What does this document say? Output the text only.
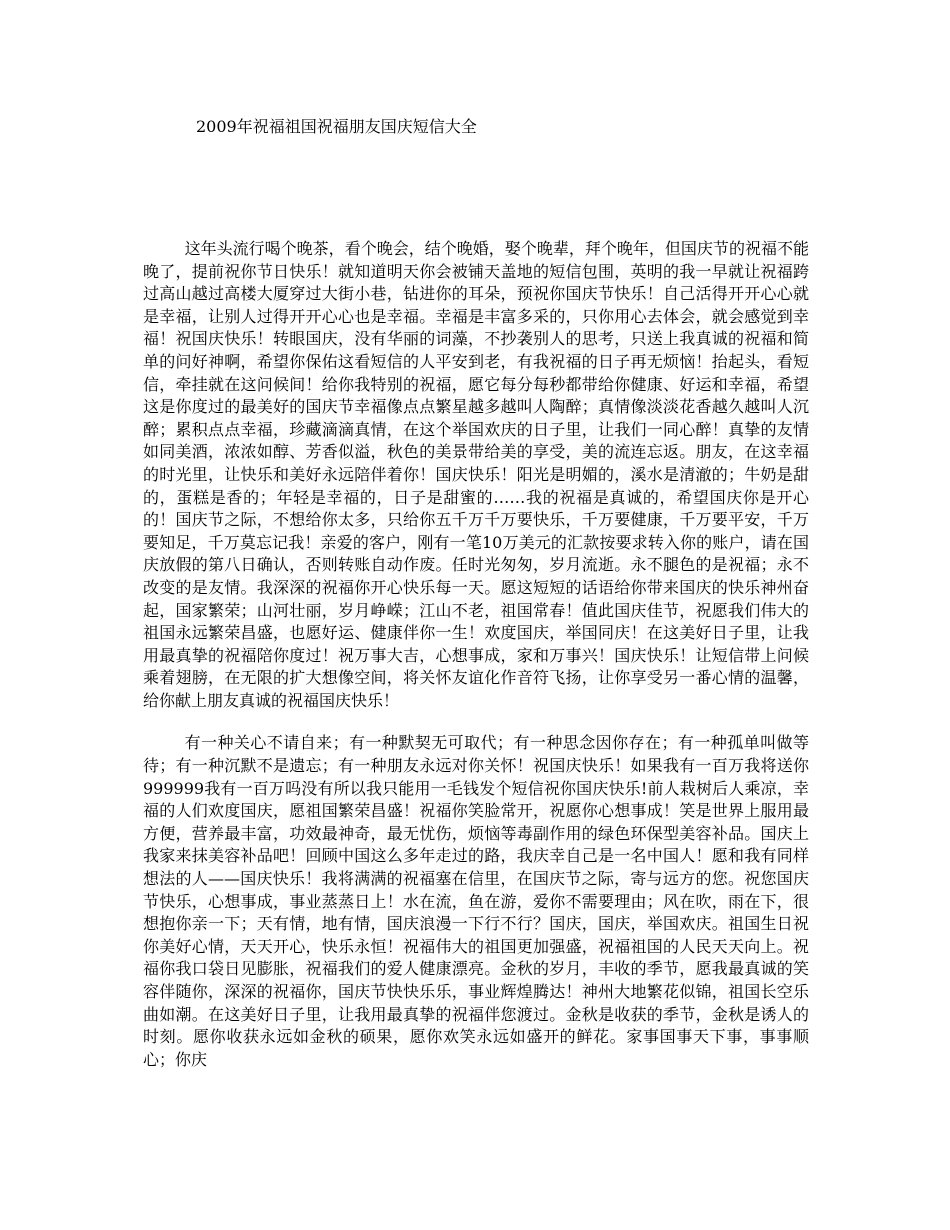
2009年祝福祖国祝福朋友国庆短信大全

这年头流行喝个晚茶，看个晚会，结个晚婚，娶个晚辈，拜个晚年，但国庆节的祝福不能晚了，提前祝你节日快乐！就知道明天你会被铺天盖地的短信包围，英明的我一早就让祝福跨过高山越过高楼大厦穿过大街小巷，钻进你的耳朵，预祝你国庆节快乐！自己活得开开心心就是幸福，让别人过得开开心心也是幸福。幸福是丰富多采的，只你用心去体会，就会感觉到幸福！祝国庆快乐！转眼国庆，没有华丽的词藻，不抄袭别人的思考，只送上我真诚的祝福和简单的问好神啊，希望你保佑这看短信的人平安到老，有我祝福的日子再无烦恼！抬起头，看短信，牵挂就在这问候间！给你我特别的祝福，愿它每分每秒都带给你健康、好运和幸福，希望这是你度过的最美好的国庆节幸福像点点繁星越多越叫人陶醉；真情像淡淡花香越久越叫人沉醉；累积点点幸福，珍藏滴滴真情，在这个举国欢庆的日子里，让我们一同心醉！真挚的友情如同美酒，浓浓如醇、芳香似溢，秋色的美景带给美的享受，美的流连忘返。朋友，在这幸福的时光里，让快乐和美好永远陪伴着你！国庆快乐！阳光是明媚的，溪水是清澈的；牛奶是甜的，蛋糕是香的；年轻是幸福的，日子是甜蜜的……我的祝福是真诚的，希望国庆你是开心的！国庆节之际，不想给你太多，只给你五千万千万要快乐，千万要健康，千万要平安，千万要知足，千万莫忘记我！亲爱的客户，刚有一笔10万美元的汇款按要求转入你的账户，请在国庆放假的第八日确认，否则转账自动作废。任时光匆匆，岁月流逝。永不腿色的是祝福；永不改变的是友情。我深深的祝福你开心快乐每一天。愿这短短的话语给你带来国庆的快乐神州奋起，国家繁荣；山河壮丽，岁月峥嵘；江山不老，祖国常春！值此国庆佳节，祝愿我们伟大的祖国永远繁荣昌盛，也愿好运、健康伴你一生！欢度国庆，举国同庆！在这美好日子里，让我用最真挚的祝福陪你度过！祝万事大吉，心想事成，家和万事兴！国庆快乐！让短信带上问候乘着翅膀，在无限的扩大想像空间，将关怀友谊化作音符飞扬，让你享受另一番心情的温馨，给你献上朋友真诚的祝福国庆快乐！

有一种关心不请自来；有一种默契无可取代；有一种思念因你存在；有一种孤单叫做等待；有一种沉默不是遗忘；有一种朋友永远对你关怀！祝国庆快乐！如果我有一百万我将送你999999我有一百万吗没有所以我只能用一毛钱发个短信祝你国庆快乐!前人栽树后人乘凉，幸福的人们欢度国庆，愿祖国繁荣昌盛！祝福你笑脸常开，祝愿你心想事成！笑是世界上服用最方便，营养最丰富，功效最神奇，最无忧伤，烦恼等毒副作用的绿色环保型美容补品。国庆上我家来抹美容补品吧！回顾中国这么多年走过的路，我庆幸自己是一名中国人！愿和我有同样想法的人——国庆快乐！我将满满的祝福塞在信里，在国庆节之际，寄与远方的您。祝您国庆节快乐，心想事成，事业蒸蒸日上！水在流，鱼在游，爱你不需要理由；风在吹，雨在下，很想抱你亲一下；天有情，地有情，国庆浪漫一下行不行？国庆，国庆，举国欢庆。祖国生日祝你美好心情，天天开心，快乐永恒！祝福伟大的祖国更加强盛，祝福祖国的人民天天向上。祝福你我口袋日见膨胀，祝福我们的爱人健康漂亮。金秋的岁月，丰收的季节，愿我最真诚的笑容伴随你，深深的祝福你，国庆节快快乐乐，事业辉煌腾达！神州大地繁花似锦，祖国长空乐曲如潮。在这美好日子里，让我用最真挚的祝福伴您渡过。金秋是收获的季节，金秋是诱人的时刻。愿你收获永远如金秋的硕果，愿你欢笑永远如盛开的鲜花。家事国事天下事，事事顺心；你庆
